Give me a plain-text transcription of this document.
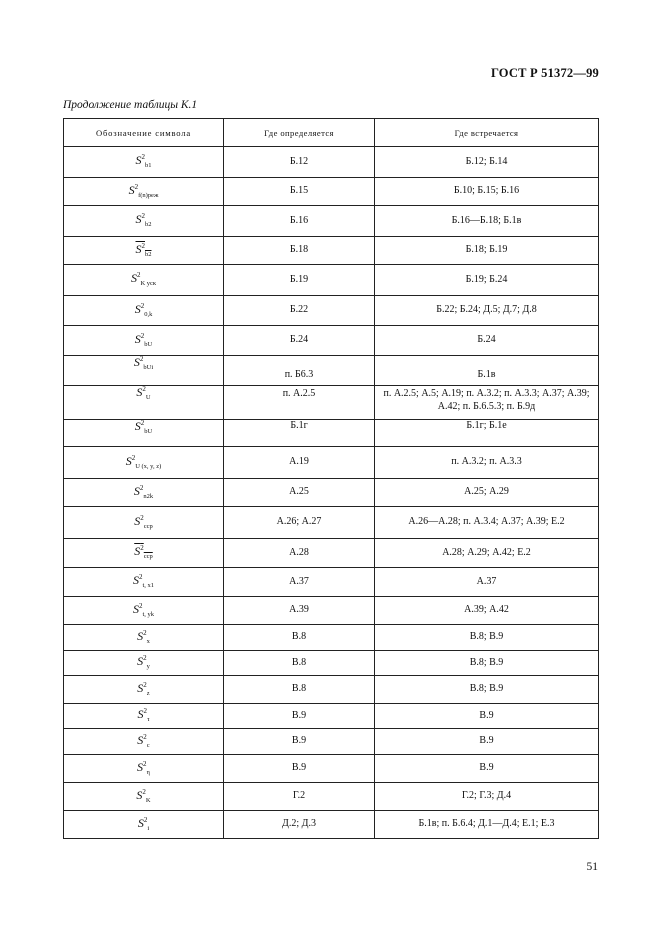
ГОСТ Р 51372—99
Продолжение таблицы К.1
Обозначение символа	Где определяется	Где встречается
$S^2_{b1}$	Б.12	Б.12; Б.14
$S^2_{f(n)реж}$	Б.15	Б.10; Б.15; Б.16
$S^2_{b2}$	Б.16	Б.16—Б.18; Б.1в
$S^2_{b2}$	Б.18	Б.18; Б.19
$S^2_{K уск}$	Б.19	Б.19; Б.24
$S^2_{0,k}$	Б.22	Б.22; Б.24; Д.5; Д.7; Д.8
$S^2_{bU}$	Б.24	Б.24
$S^2_{bUi}$	п. Б6.3	Б.1в
$S^2_U$	п. А.2.5	п. А.2.5; А.5; А.19; п. А.3.2; п. А.3.3; А.37; А.39; А.42; п. Б.6.5.3; п. Б.9д
$S^2_{bU}$	Б.1г	Б.1г; Б.1е
$S^2_{U (x, y, z)}$	А.19	п. А.3.2; п. А.3.3
$S^2_{n2k}$	А.25	А.25; А.29
$S^2_{сср}$	А.26; А.27	А.26—А.28; п. А.3.4; А.37; А.39; Е.2
$S^2_{сср}$	А.28	А.28; А.29; А.42; Е.2
$S^2_{t, x1}$	А.37	А.37
$S^2_{t, yk}$	А.39	А.39; А.42
$S^2_x$	В.8	В.8; В.9
$S^2_y$	В.8	В.8; В.9
$S^2_z$	В.8	В.8; В.9
$S^2_\tau$	В.9	В.9
$S^2_c$	В.9	В.9
$S^2_\eta$	В.9	В.9
$S^2_K$	Г.2	Г.2; Г.3; Д.4
$S^2_i$	Д.2; Д.3	Б.1в; п. Б.6.4; Д.1—Д.4; Е.1; Е.3
51
